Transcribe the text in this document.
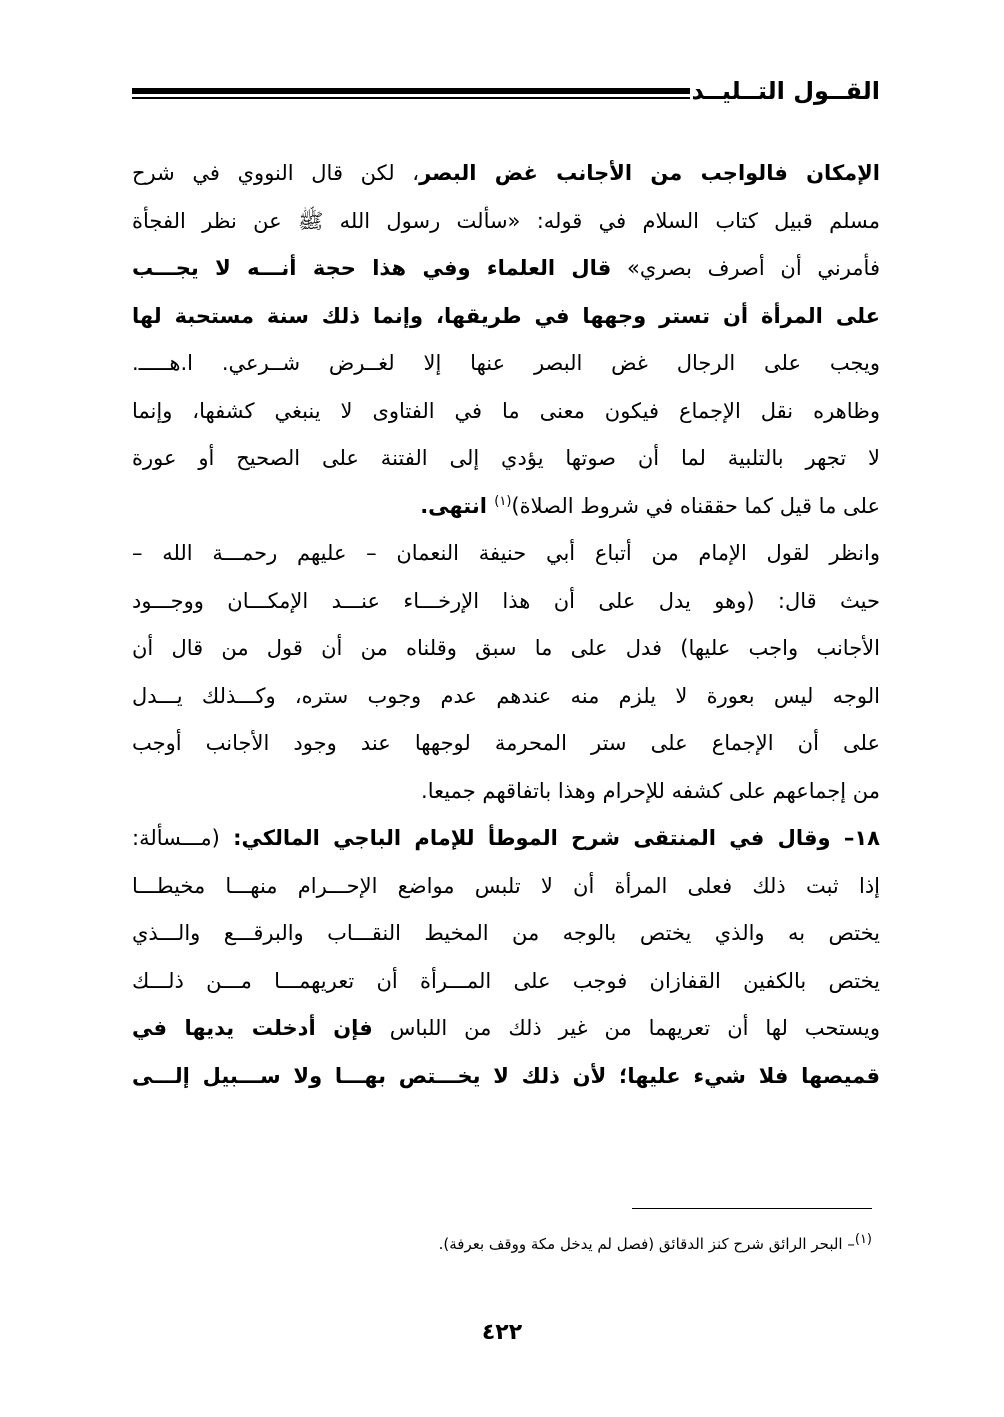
القــول التــليــد
الإمكان فالواجب من الأجانب غض البصر، لكن قال النووي في شرح
مسلم قبيل كتاب السلام في قوله: «سألت رسول الله ﷺ عن نظر الفجأة
فأمرني أن أصرف بصري» قال العلماء وفي هذا حجة أنـــه لا يجـــب
على المرأة أن تستر وجهها في طريقها، وإنما ذلك سنة مستحبة لها
ويجب على الرجال غض البصر عنها إلا لغــرض شــرعي. ا.هـــــ.
وظاهره نقل الإجماع فيكون معنى ما في الفتاوى لا ينبغي كشفها، وإنما
لا تجهر بالتلبية لما أن صوتها يؤدي إلى الفتنة على الصحيح أو عورة
على ما قيل كما حققناه في شروط الصلاة)$^{(١)}$ انتهى.
وانظر لقول الإمام من أتباع أبي حنيفة النعمان – عليهم رحمـــة الله –
حيث قال: (وهو يدل على أن هذا الإرخـــاء عنـــد الإمكـــان ووجـــود
الأجانب واجب عليها) فدل على ما سبق وقلناه من أن قول من قال أن
الوجه ليس بعورة لا يلزم منه عندهم عدم وجوب ستره، وكـــذلك يـــدل
على أن الإجماع على ستر المحرمة لوجهها عند وجود الأجانب أوجب
من إجماعهم على كشفه للإحرام وهذا باتفاقهم جميعا.
١٨– وقال في المنتقى شرح الموطأ للإمام الباجي المالكي: (مـــسألة:
إذا ثبت ذلك فعلى المرأة أن لا تلبس مواضع الإحـــرام منهـــا مخيطـــا
يختص به والذي يختص بالوجه من المخيط النقـــاب والبرقـــع والـــذي
يختص بالكفين القفازان فوجب على المـــرأة أن تعريهمـــا مـــن ذلـــك
ويستحب لها أن تعريهما من غير ذلك من اللباس فإن أدخلت يديها في
قميصها فلا شيء عليها؛ لأن ذلك لا يخـــتص بهـــا ولا ســـبيل إلـــى
$^{(١)}$– البحر الرائق شرح كنز الدقائق (فصل لم يدخل مكة ووقف بعرفة).
٤٢٢
